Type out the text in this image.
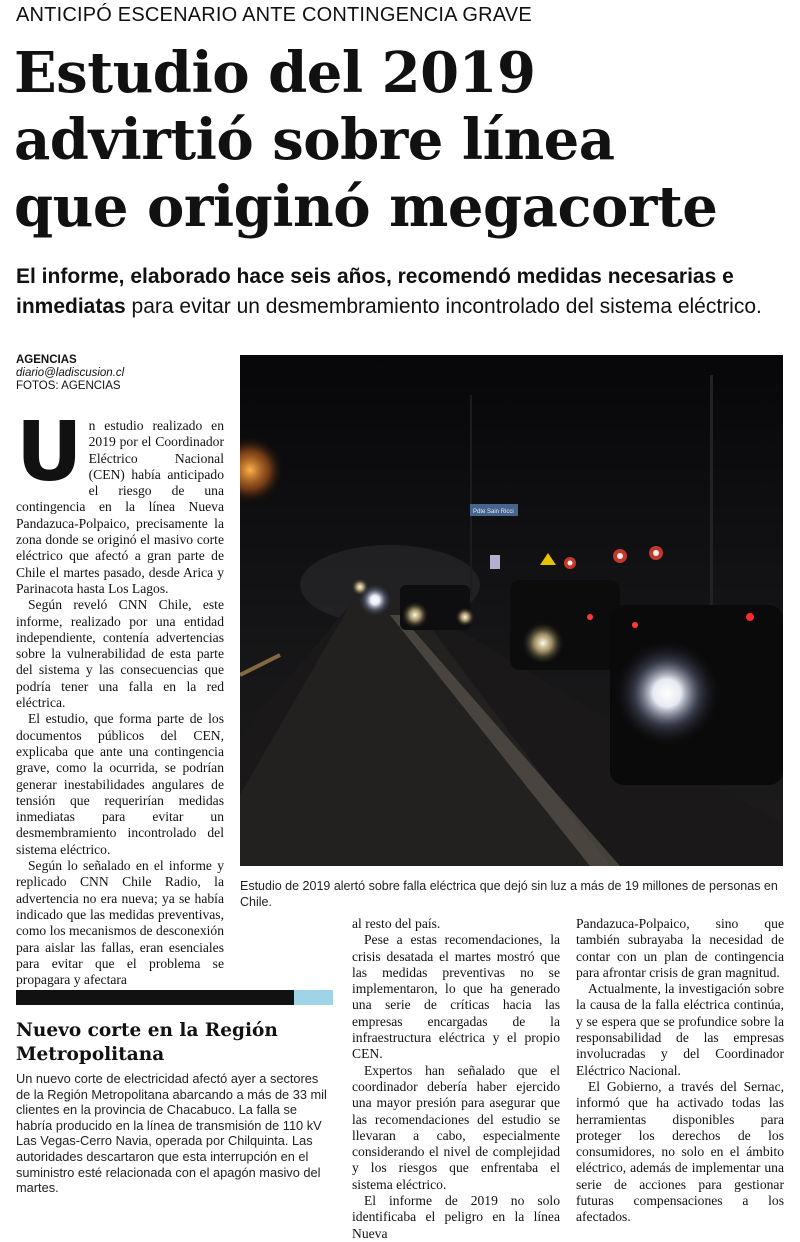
ANTICIPÓ ESCENARIO ANTE CONTINGENCIA GRAVE
Estudio del 2019
advirtió sobre línea
que originó megacorte
El informe, elaborado hace seis años, recomendó medidas necesarias e inmediatas para evitar un desmembramiento incontrolado del sistema eléctrico.
AGENCIAS
diario@ladiscusion.cl
FOTOS: AGENCIAS
Pdte Sain Ricci
Estudio de 2019 alertó sobre falla eléctrica que dejó sin luz a más de 19 millones de personas en Chile.

Un estudio realizado en 2019 por el Coordinador Eléctrico Nacional (CEN) había anticipado el riesgo de una contingencia en la línea Nueva Pandazuca-Polpaico, precisamente la zona donde se originó el masivo corte eléctrico que afectó a gran parte de Chile el martes pasado, desde Arica y Parinacota hasta Los Lagos.

Según reveló CNN Chile, este informe, realizado por una entidad independiente, contenía advertencias sobre la vulnerabilidad de esta parte del sistema y las consecuencias que podría tener una falla en la red eléctrica.

El estudio, que forma parte de los documentos públicos del CEN, explicaba que ante una contingencia grave, como la ocurrida, se podrían generar inestabilidades angulares de tensión que requerirían medidas inmediatas para evitar un desmembramiento incontrolado del sistema eléctrico.

Según lo señalado en el informe y replicado CNN Chile Radio, la advertencia no era nueva; ya se había indicado que las medidas preventivas, como los mecanismos de desconexión para aislar las fallas, eran esenciales para evitar que el problema se propagara y afectara

al resto del país.

Pese a estas recomendaciones, la crisis desatada el martes mostró que las medidas preventivas no se implementaron, lo que ha generado una serie de críticas hacia las empresas encargadas de la infraestructura eléctrica y el propio CEN.

Expertos han señalado que el coordinador debería haber ejercido una mayor presión para asegurar que las recomendaciones del estudio se llevaran a cabo, especialmente considerando el nivel de complejidad y los riesgos que enfrentaba el sistema eléctrico.

El informe de 2019 no solo identificaba el peligro en la línea Nueva

Pandazuca-Polpaico, sino que también subrayaba la necesidad de contar con un plan de contingencia para afrontar crisis de gran magnitud.

Actualmente, la investigación sobre la causa de la falla eléctrica continúa, y se espera que se profundice sobre la responsabilidad de las empresas involucradas y del Coordinador Eléctrico Nacional.

El Gobierno, a través del Sernac, informó que ha activado todas las herramientas disponibles para proteger los derechos de los consumidores, no solo en el ámbito eléctrico, además de implementar una serie de acciones para gestionar futuras compensaciones a los afectados.

Nuevo corte en la Región Metropolitana
Un nuevo corte de electricidad afectó ayer a sectores de la Región Metropolitana abarcando a más de 33 mil clientes en la provincia de Chacabuco. La falla se habría producido en la línea de transmisión de 110 kV Las Vegas-Cerro Navia, operada por Chilquinta. Las autoridades descartaron que esta interrupción en el suministro esté relacionada con el apagón masivo del martes.
